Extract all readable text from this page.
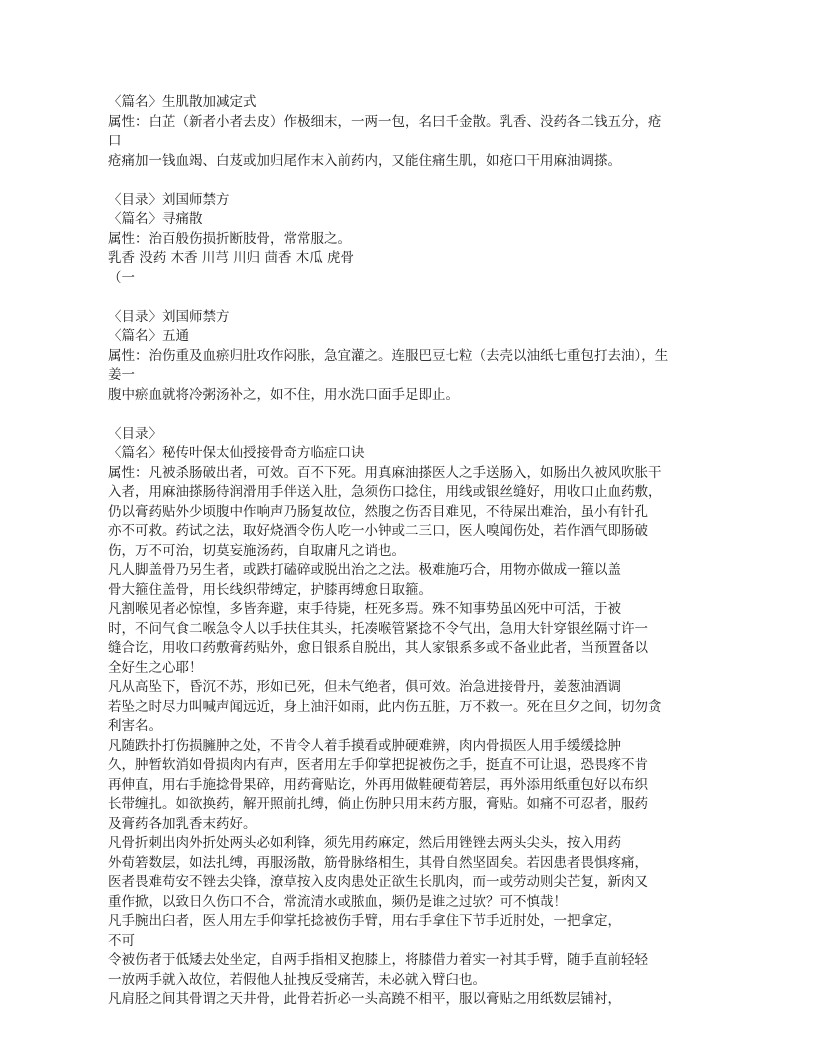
〈篇名〉生肌散加减定式
属性：白芷（新者小者去皮）作极细末，一两一包，名曰千金散。乳香、没药各二钱五分，疮
口
疮痛加一钱血竭、白芨或加归尾作末入前药内，又能住痛生肌，如疮口干用麻油调搽。
〈目录〉刘国师禁方
〈篇名〉寻痛散
属性：治百般伤损折断肢骨，常常服之。
乳香 没药 木香 川芎 川归 茴香 木瓜 虎骨
（一
〈目录〉刘国师禁方
〈篇名〉五通
属性：治伤重及血瘀归肚攻作闷胀，急宜灌之。连服巴豆七粒（去壳以油纸七重包打去油），生
姜一
腹中瘀血就将冷粥汤补之，如不住，用水洗口面手足即止。
〈目录〉
〈篇名〉秘传叶保太仙授接骨奇方临症口诀
属性：凡被杀肠破出者，可效。百不下死。用真麻油搽医人之手送肠入，如肠出久被风吹胀干
入者，用麻油搽肠待润滑用手伴送入肚，急须伤口捻住，用线或银丝缝好，用收口止血药敷，
仍以膏药贴外少顷腹中作响声乃肠复故位，然腹之伤否目难见，不待屎出难治，虽小有针孔
亦不可救。药试之法，取好烧酒令伤人吃一小钟或二三口，医人嗅闻伤处，若作酒气即肠破
伤，万不可治，切莫妄施汤药，自取庸凡之诮也。
凡人脚盖骨乃另生者，或跌打磕碎或脱出治之之法。极难施巧合，用物亦做成一箍以盖
骨大箍住盖骨，用长线织带缚定，护膝再缚愈日取箍。
凡割喉见者必惊惶，多皆奔避，束手待毙，枉死多焉。殊不知事势虽凶死中可活，于被
时，不问气食二喉急令人以手扶住其头，托凑喉管紧捻不令气出，急用大针穿银丝隔寸许一
缝合讫，用收口药敷膏药贴外，愈日银系自脱出，其人家银系多或不备业此者，当预置备以
全好生之心耶！
凡从高坠下，昏沉不苏，形如已死，但未气绝者，俱可效。治急进接骨丹，姜葱油酒调
若坠之时尽力叫喊声闻远近，身上油汗如雨，此内伤五脏，万不救一。死在旦夕之间，切勿贪
利害名。
凡随跌扑打伤损臃肿之处，不肯令人着手摸看或肿硬难辨，肉内骨损医人用手缓缓捻肿
久，肿暂软消如骨损肉内有声，医者用左手仰掌把捉被伤之手，挺直不可让退，恐畏疼不肯
再伸直，用右手施捻骨果碎，用药膏贴讫，外再用做鞋硬荀箬层，再外添用纸重包好以布织
长带缠扎。如欲换药，解开照前扎缚，倘止伤肿只用末药方服，膏贴。如痛不可忍者，服药
及膏药各加乳香末药好。
凡骨折刺出肉外折处两头必如利锋，须先用药麻定，然后用锉锉去两头尖头，按入用药
外荀箬数层，如法扎缚，再服汤散，筋骨脉络相生，其骨自然坚固矣。若因患者畏惧疼痛，
医者畏难苟安不锉去尖锋，潦草按入皮肉患处正欲生长肌肉，而一或劳动则尖芒复，新肉又
重作掀，以致日久伤口不合，常流清水或脓血，频仍是谁之过欤？可不慎哉！
凡手腕出臼者，医人用左手仰掌托捻被伤手臂，用右手拿住下节手近肘处，一把拿定，
不可
令被伤者于低矮去处坐定，自两手指相叉抱膝上，将膝借力着实一衬其手臂，随手直前轻轻
一放两手就入故位，若假他人扯拽反受痛苦，未必就入臂臼也。
凡肩胫之间其骨谓之天井骨，此骨若折必一头高蹺不相平，服以膏贴之用纸数层铺衬，
